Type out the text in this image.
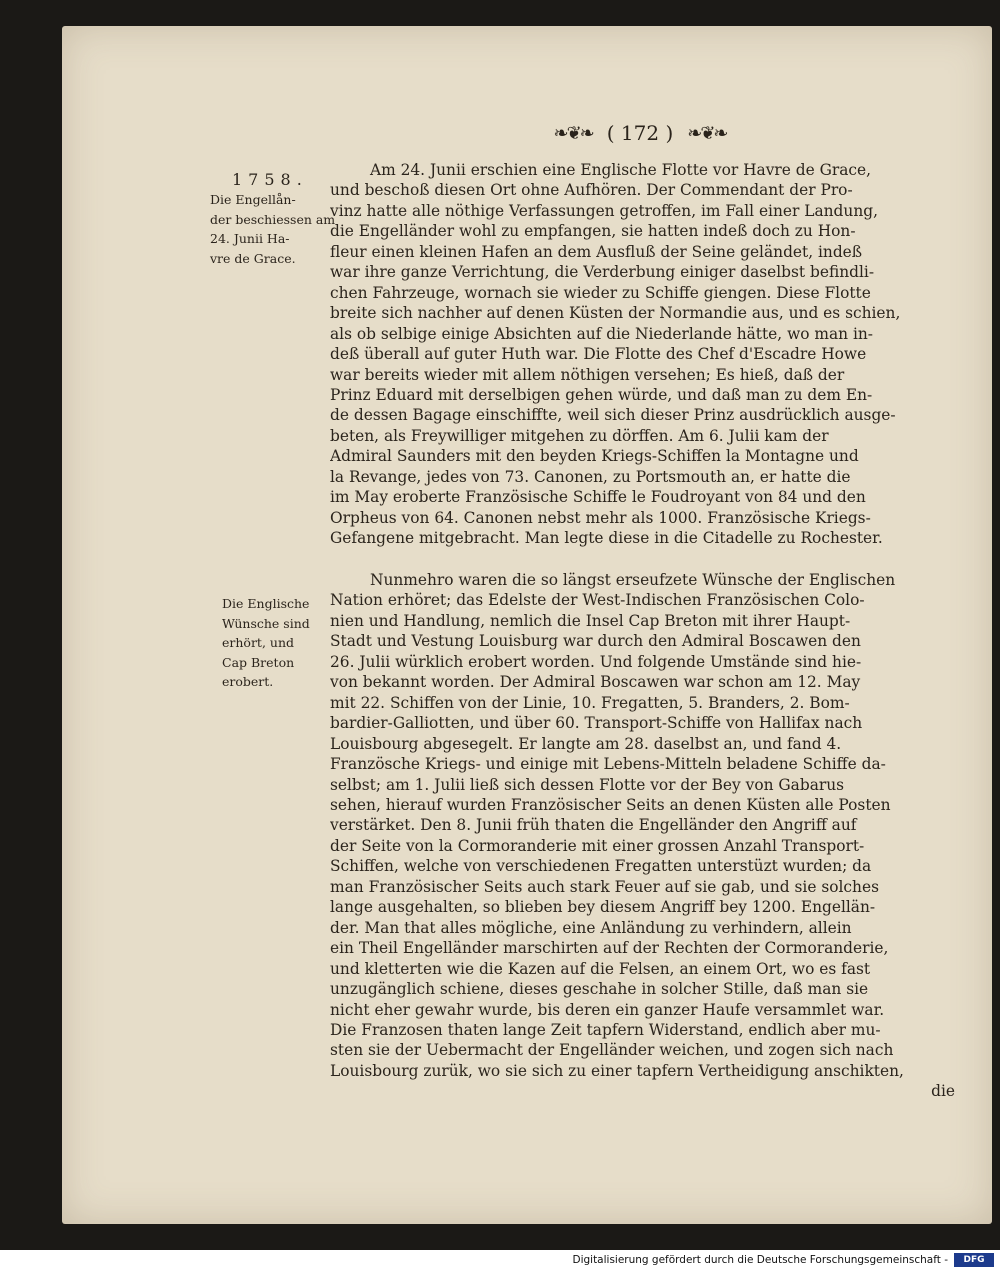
❧❦❧ ( 172 ) ❧❦❧
1758.
Die Engellån-
der beschiessen am
24. Junii Ha-
vre de Grace.
Die Englische
Wünsche sind
erhört, und
Cap Breton
erobert.
Am 24. Junii erschien eine Englische Flotte vor Havre de Grace,
und beschoß diesen Ort ohne Aufhören. Der Commendant der Pro-
vinz hatte alle nöthige Verfassungen getroffen, im Fall einer Landung,
die Engelländer wohl zu empfangen, sie hatten indeß doch zu Hon-
fleur einen kleinen Hafen an dem Ausfluß der Seine geländet, indeß
war ihre ganze Verrichtung, die Verderbung einiger daselbst befindli-
chen Fahrzeuge, wornach sie wieder zu Schiffe giengen. Diese Flotte
breite sich nachher auf denen Küsten der Normandie aus, und es schien,
als ob selbige einige Absichten auf die Niederlande hätte, wo man in-
deß überall auf guter Huth war. Die Flotte des Chef d'Escadre Howe
war bereits wieder mit allem nöthigen versehen; Es hieß, daß der
Prinz Eduard mit derselbigen gehen würde, und daß man zu dem En-
de dessen Bagage einschiffte, weil sich dieser Prinz ausdrücklich ausge-
beten, als Freywilliger mitgehen zu dörffen. Am 6. Julii kam der
Admiral Saunders mit den beyden Kriegs-Schiffen la Montagne und
la Revange, jedes von 73. Canonen, zu Portsmouth an, er hatte die
im May eroberte Französische Schiffe le Foudroyant von 84 und den
Orpheus von 64. Canonen nebst mehr als 1000. Französische Kriegs-
Gefangene mitgebracht. Man legte diese in die Citadelle zu Rochester.
Nunmehro waren die so längst erseufzete Wünsche der Englischen
Nation erhöret; das Edelste der West-Indischen Französischen Colo-
nien und Handlung, nemlich die Insel Cap Breton mit ihrer Haupt-
Stadt und Vestung Louisburg war durch den Admiral Boscawen den
26. Julii würklich erobert worden. Und folgende Umstände sind hie-
von bekannt worden. Der Admiral Boscawen war schon am 12. May
mit 22. Schiffen von der Linie, 10. Fregatten, 5. Branders, 2. Bom-
bardier-Galliotten, und über 60. Transport-Schiffe von Hallifax nach
Louisbourg abgesegelt. Er langte am 28. daselbst an, und fand 4.
Französche Kriegs- und einige mit Lebens-Mitteln beladene Schiffe da-
selbst; am 1. Julii ließ sich dessen Flotte vor der Bey von Gabarus
sehen, hierauf wurden Französischer Seits an denen Küsten alle Posten
verstärket. Den 8. Junii früh thaten die Engelländer den Angriff auf
der Seite von la Cormoranderie mit einer grossen Anzahl Transport-
Schiffen, welche von verschiedenen Fregatten unterstüzt wurden; da
man Französischer Seits auch stark Feuer auf sie gab, und sie solches
lange ausgehalten, so blieben bey diesem Angriff bey 1200. Engellän-
der. Man that alles mögliche, eine Anländung zu verhindern, allein
ein Theil Engelländer marschirten auf der Rechten der Cormoranderie,
und kletterten wie die Kazen auf die Felsen, an einem Ort, wo es fast
unzugänglich schiene, dieses geschahe in solcher Stille, daß man sie
nicht eher gewahr wurde, bis deren ein ganzer Haufe versammlet war.
Die Franzosen thaten lange Zeit tapfern Widerstand, endlich aber mu-
sten sie der Uebermacht der Engelländer weichen, und zogen sich nach
Louisbourg zurük, wo sie sich zu einer tapfern Vertheidigung anschikten,
die
Digitalisierung gefördert durch die Deutsche Forschungsgemeinschaft -	DFG
